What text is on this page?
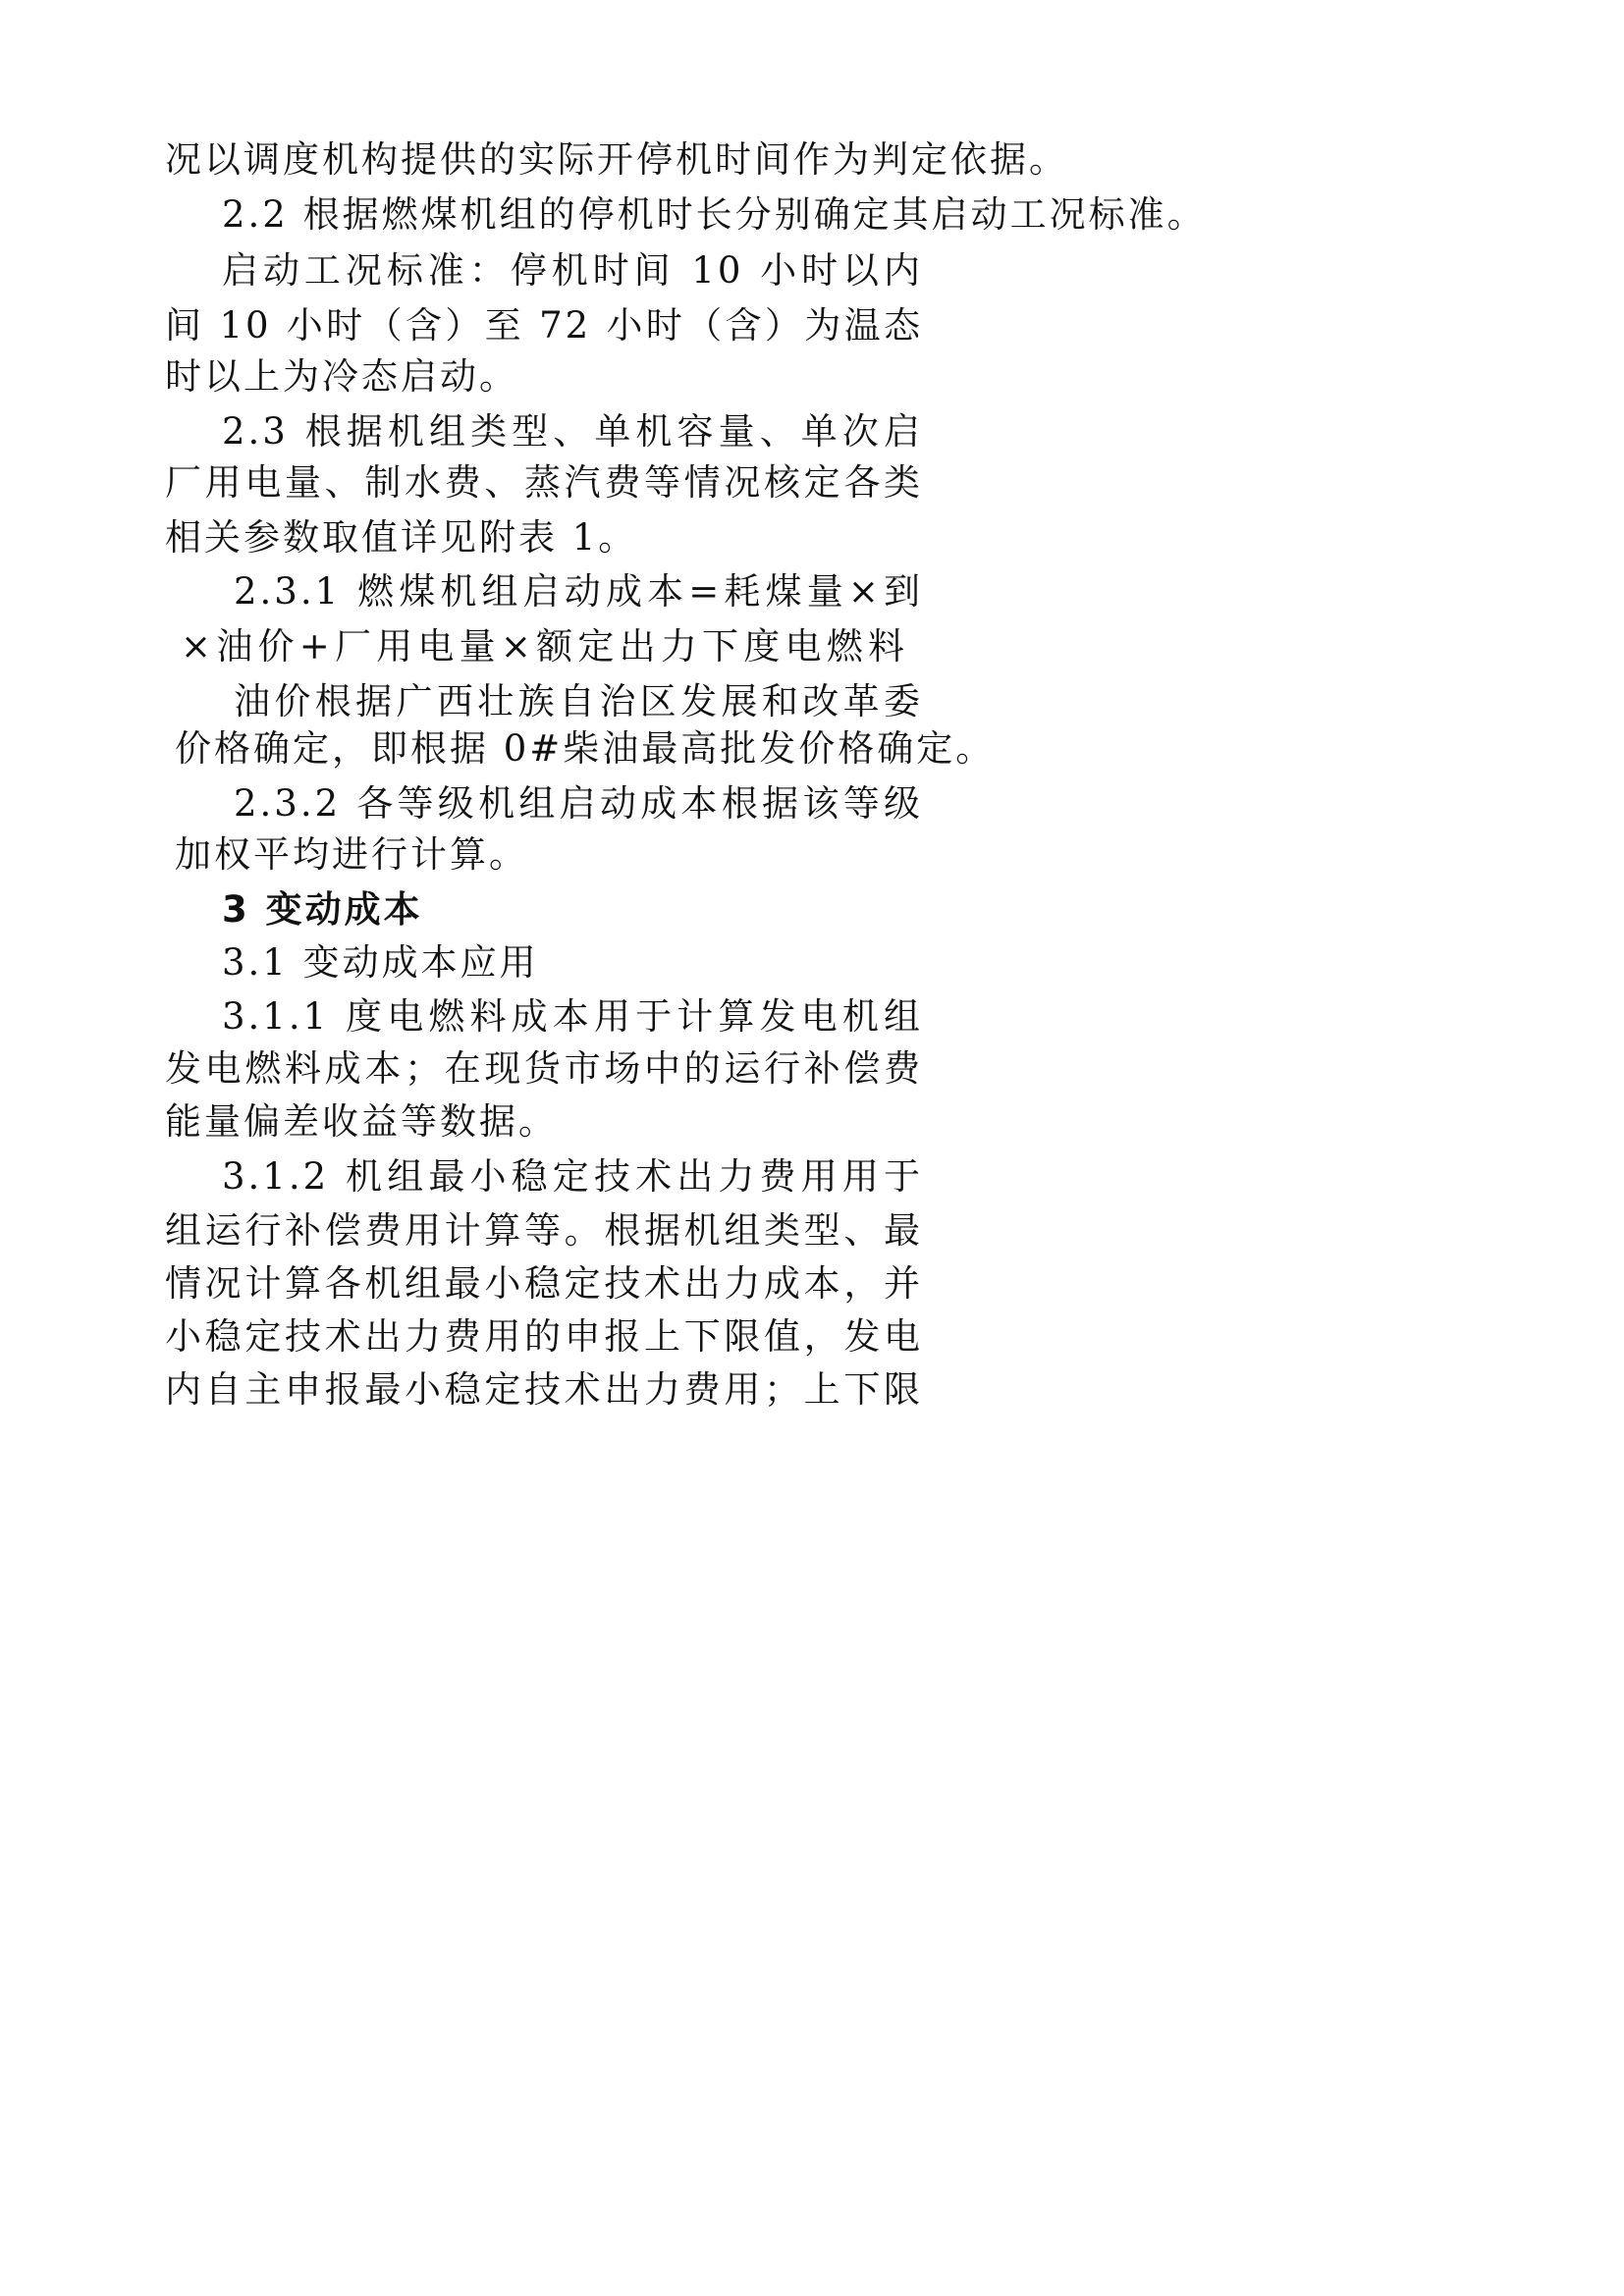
况以调度机构提供的实际开停机时间作为判定依据。
2.2 根据燃煤机组的停机时长分别确定其启动工况标准。
启动工况标准：停机时间 10 小时以内
间 10 小时（含）至 72 小时（含）为温态
时以上为冷态启动。
2.3 根据机组类型、单机容量、单次启
厂用电量、制水费、蒸汽费等情况核定各类
相关参数取值详见附表 1。
2.3.1 燃煤机组启动成本=耗煤量×到
×油价+厂用电量×额定出力下度电燃料
油价根据广西壮族自治区发展和改革委
价格确定，即根据 0#柴油最高批发价格确定。
2.3.2 各等级机组启动成本根据该等级
加权平均进行计算。
3 变动成本
3.1 变动成本应用
3.1.1 度电燃料成本用于计算发电机组
发电燃料成本；在现货市场中的运行补偿费
能量偏差收益等数据。
3.1.2 机组最小稳定技术出力费用用于
组运行补偿费用计算等。根据机组类型、最
情况计算各机组最小稳定技术出力成本，并
小稳定技术出力费用的申报上下限值，发电
内自主申报最小稳定技术出力费用；上下限
